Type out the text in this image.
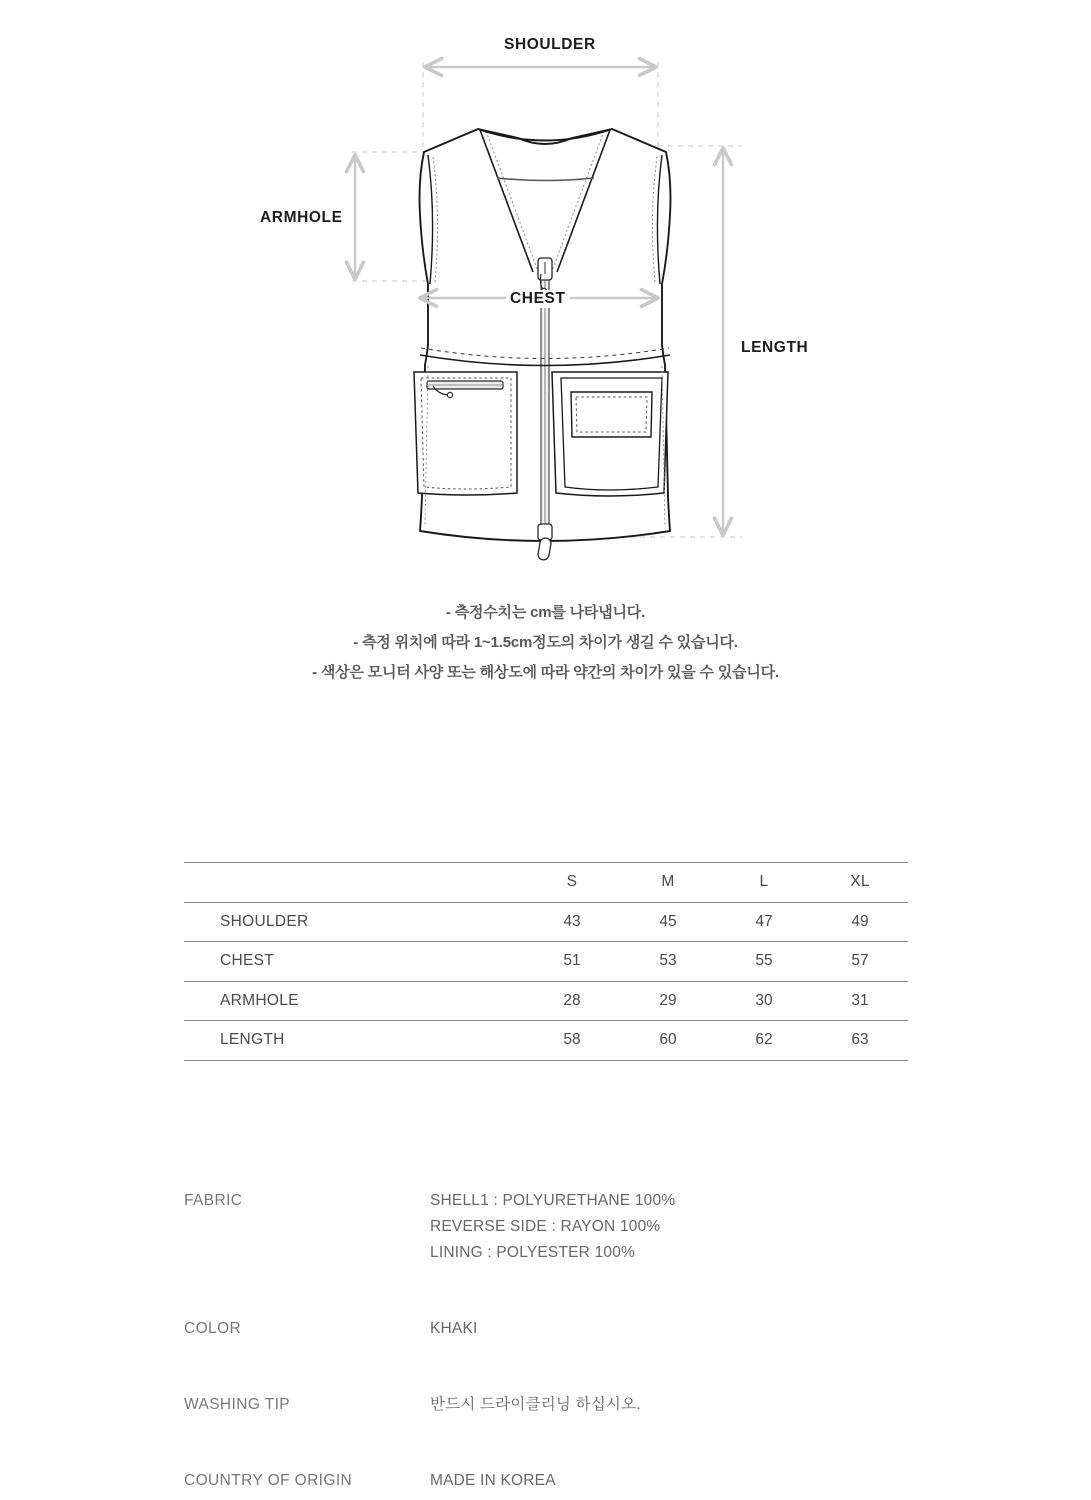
SHOULDER
ARMHOLE
CHEST
LENGTH
- 측정수치는 cm를 나타냅니다.
- 측정 위치에 따라 1~1.5cm정도의 차이가 생길 수 있습니다.
- 색상은 모니터 사양 또는 해상도에 따라 약간의 차이가 있을 수 있습니다.
	S	M	L	XL
SHOULDER	43	45	47	49
CHEST	51	53	55	57
ARMHOLE	28	29	30	31
LENGTH	58	60	62	63
FABRIC	SHELL1 : POLYURETHANE 100%
REVERSE SIDE : RAYON 100%
LINING : POLYESTER 100%
COLOR	KHAKI
WASHING TIP	반드시 드라이클리닝 하십시오.
COUNTRY OF ORIGIN	MADE IN KOREA
